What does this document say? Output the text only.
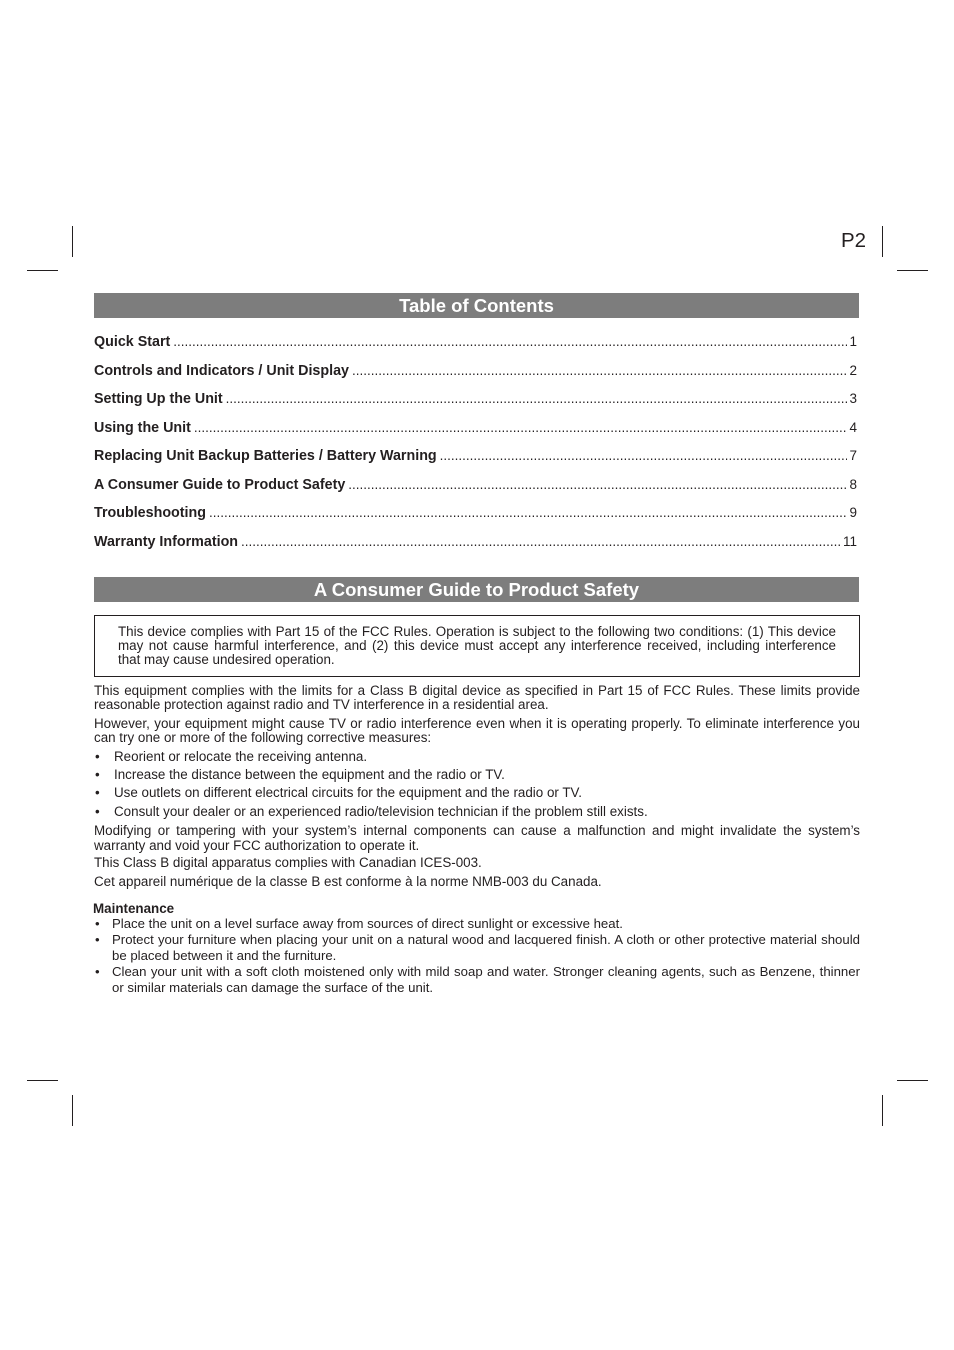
P2
Table of Contents
Quick Start .....	1
Controls and Indicators / Unit Display .....	2
Setting Up the Unit .....	3
Using the Unit .....	4
Replacing Unit Backup Batteries / Battery Warning .....	7
A Consumer Guide to Product Safety .....	8
Troubleshooting .....	9
Warranty Information .....	11
A Consumer Guide to Product Safety
This device complies with Part 15 of the FCC Rules. Operation is subject to the following two conditions: (1) This device
may not cause harmful interference, and (2) this device must accept any interference received, including interference
that may cause undesired operation.
This equipment complies with the limits for a Class B digital device as specified in Part 15 of FCC Rules. These limits provide
reasonable protection against radio and TV interference in a residential area.
However, your equipment might cause TV or radio interference even when it is operating properly. To eliminate interference you
can try one or more of the following corrective measures:
•
Reorient or relocate the receiving antenna.
•
Increase the distance between the equipment and the radio or TV.
•
Use outlets on different electrical circuits for the equipment and the radio or TV.
•
Consult your dealer or an experienced radio/television technician if the problem still exists.
Modifying or tampering with your system’s internal components can cause a malfunction and might invalidate the system’s
warranty and void your FCC authorization to operate it.
This Class B digital apparatus complies with Canadian ICES-003.
Cet appareil numérique de la classe B est conforme à la norme NMB-003 du Canada.
Maintenance
•
Place the unit on a level surface away from sources of direct sunlight or excessive heat.
•
Protect your furniture when placing your unit on a natural wood and lacquered finish. A cloth or other protective material should
be placed between it and the furniture.
•
Clean your unit with a soft cloth moistened only with mild soap and water. Stronger cleaning agents, such as Benzene, thinner
or similar materials can damage the surface of the unit.
